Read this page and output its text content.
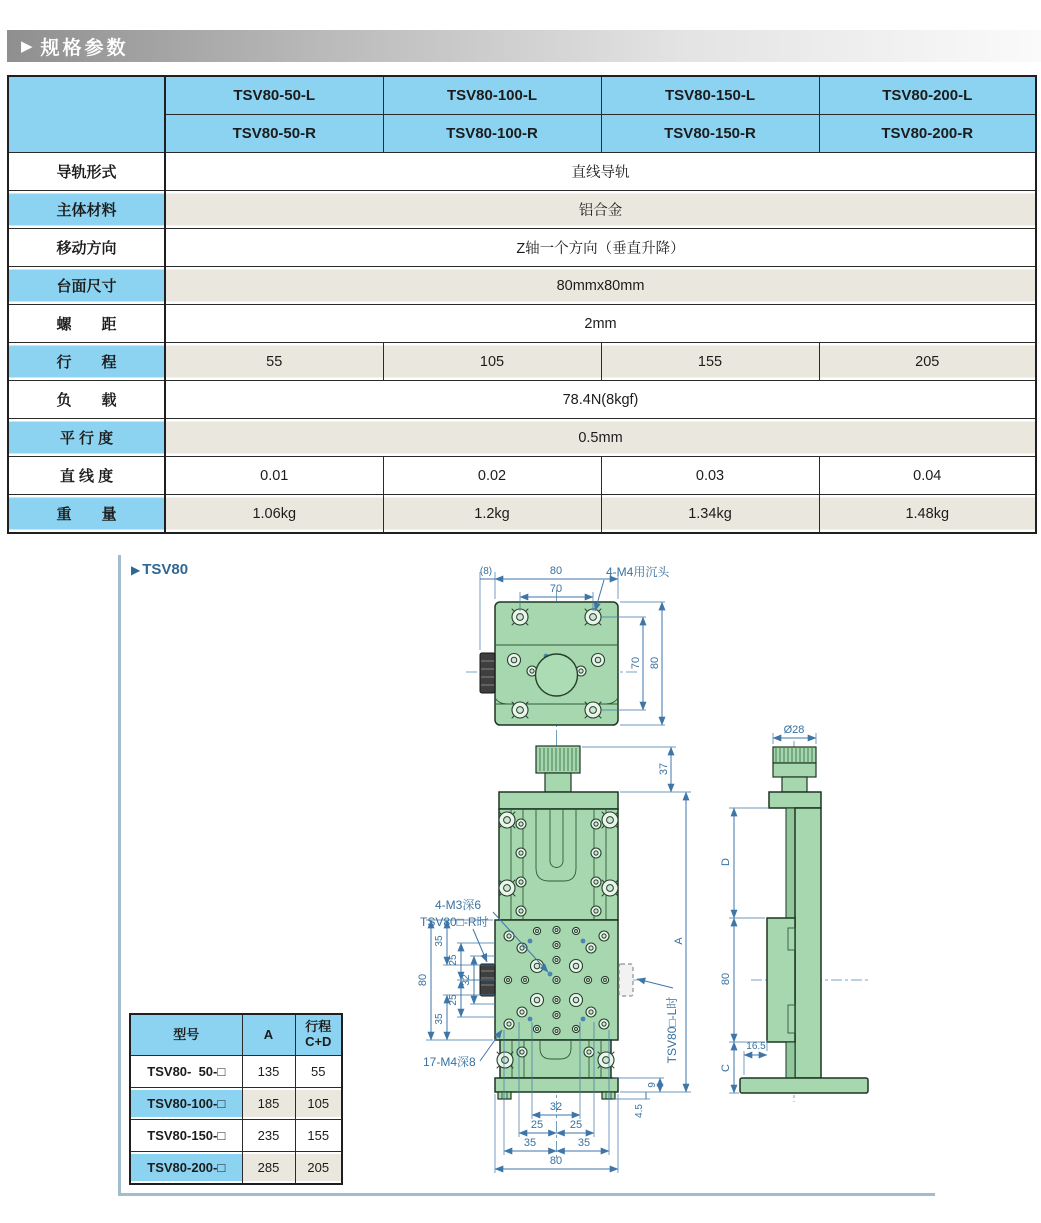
▶ 规格参数
	TSV80-50-L	TSV80-100-L	TSV80-150-L	TSV80-200-L
	TSV80-50-R	TSV80-100-R	TSV80-150-R	TSV80-200-R
导轨形式	直线导轨			
主体材料	铝合金			
移动方向	Z轴一个方向（垂直升降）			
台面尺寸	80mmx80mm			
螺　　距	2mm			
行　　程	55	105	155	205
负　　载	78.4N(8kgf)			
平 行 度	0.5mm			
直 线 度	0.01	0.02	0.03	0.04
重　　量	1.06kg	1.2kg	1.34kg	1.48kg
▶ TSV80	(8)	80
70
70 80
4-M4用沉头
37
A
9
4.5
80
35
25
32
25
35
32
25 25
35	35
80
4-M3深6
TSV80□-R时
17-M4深8	TSV80□-L时
Ø28
D
80
C
16.5
型号	A	行程
C+D

TSV80-  50-□	135	55
TSV80-100-□	185	105
TSV80-150-□	235	155
TSV80-200-□	285	205
